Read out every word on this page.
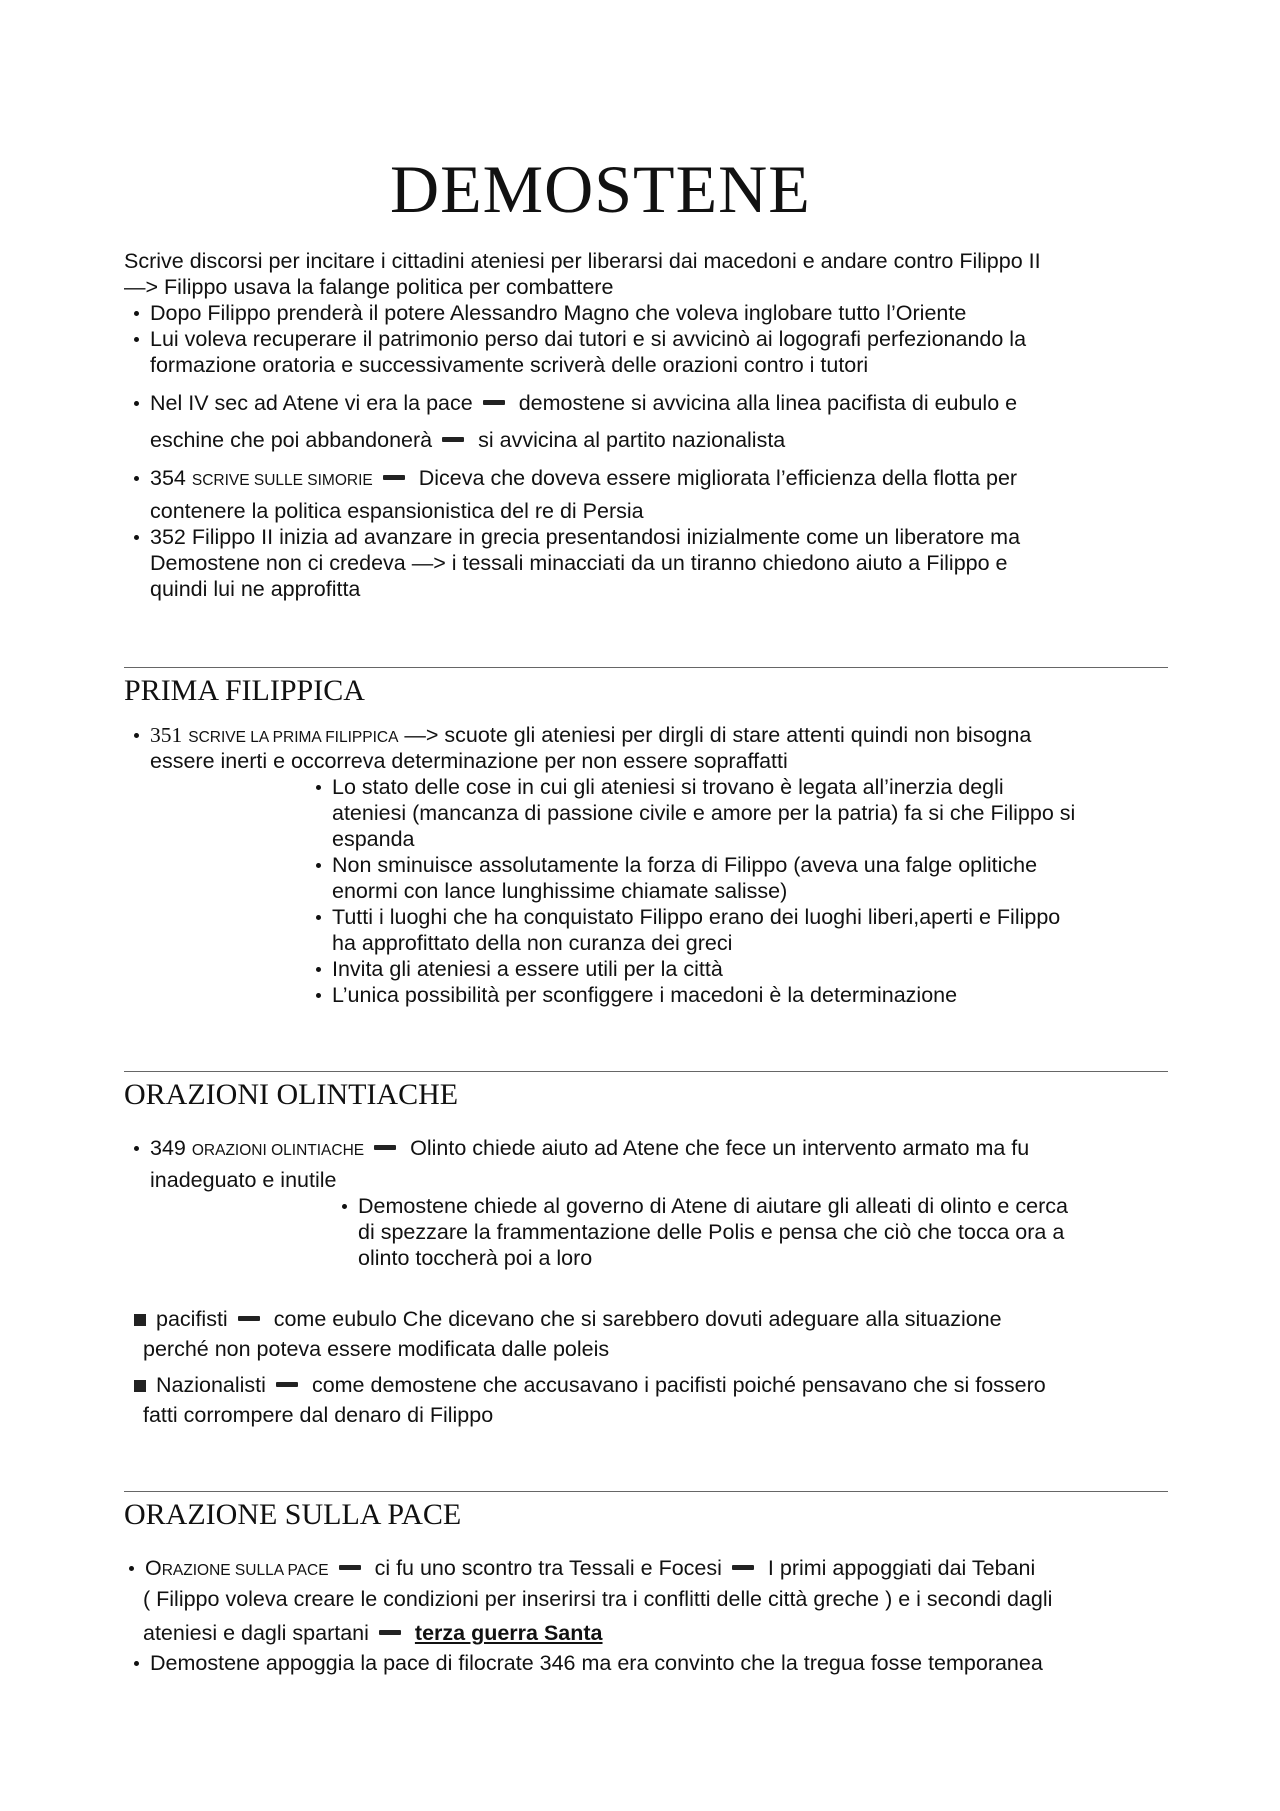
DEMOSTENE
Scrive discorsi per incitare i cittadini ateniesi per liberarsi dai macedoni e andare contro Filippo II
—> Filippo usava la falange politica per combattere
Dopo Filippo prenderà il potere Alessandro Magno che voleva inglobare tutto l’Oriente
Lui voleva recuperare il patrimonio perso dai tutori e si avvicinò ai logografi perfezionando la
formazione oratoria e successivamente scriverà delle orazioni contro i tutori
Nel IV sec ad Atene vi era la pace demostene si avvicina alla linea pacifista di eubulo e
eschine che poi abbandonerà si avvicina al partito nazionalista
354 SCRIVE SULLE SIMORIE Diceva che doveva essere migliorata l’efficienza della flotta per
contenere la politica espansionistica del re di Persia
352 Filippo II inizia ad avanzare in grecia presentandosi inizialmente come un liberatore ma
Demostene non ci credeva —> i tessali minacciati da un tiranno chiedono aiuto a Filippo e
quindi lui ne approfitta
PRIMA FILIPPICA
351 SCRIVE LA PRIMA FILIPPICA —> scuote gli ateniesi per dirgli di stare attenti quindi non bisogna
essere inerti e occorreva determinazione per non essere sopraffatti
Lo stato delle cose in cui gli ateniesi si trovano è legata all’inerzia degli
ateniesi (mancanza di passione civile e amore per la patria) fa si che Filippo si
espanda
Non sminuisce assolutamente la forza di Filippo (aveva una falge oplitiche
enormi con lance lunghissime chiamate salisse)
Tutti i luoghi che ha conquistato Filippo erano dei luoghi liberi,aperti e Filippo
ha approfittato della non curanza dei greci
Invita gli ateniesi a essere utili per la città
L’unica possibilità per sconfiggere i macedoni è la determinazione
ORAZIONI OLINTIACHE
349 ORAZIONI OLINTIACHE Olinto chiede aiuto ad Atene che fece un intervento armato ma fu
inadeguato e inutile
Demostene chiede al governo di Atene di aiutare gli alleati di olinto e cerca
di spezzare la frammentazione delle Polis e pensa che ciò che tocca ora a
olinto toccherà poi a loro
pacifisti come eubulo Che dicevano che si sarebbero dovuti adeguare alla situazione
perché non poteva essere modificata dalle poleis
Nazionalisti come demostene che accusavano i pacifisti poiché pensavano che si fossero
fatti corrompere dal denaro di Filippo
ORAZIONE SULLA PACE
ORAZIONE SULLA PACE ci fu uno scontro tra Tessali e Focesi I primi appoggiati dai Tebani
( Filippo voleva creare le condizioni per inserirsi tra i conflitti delle città greche ) e i secondi dagli
ateniesi e dagli spartani terza guerra Santa
Demostene appoggia la pace di filocrate 346 ma era convinto che la tregua fosse temporanea
